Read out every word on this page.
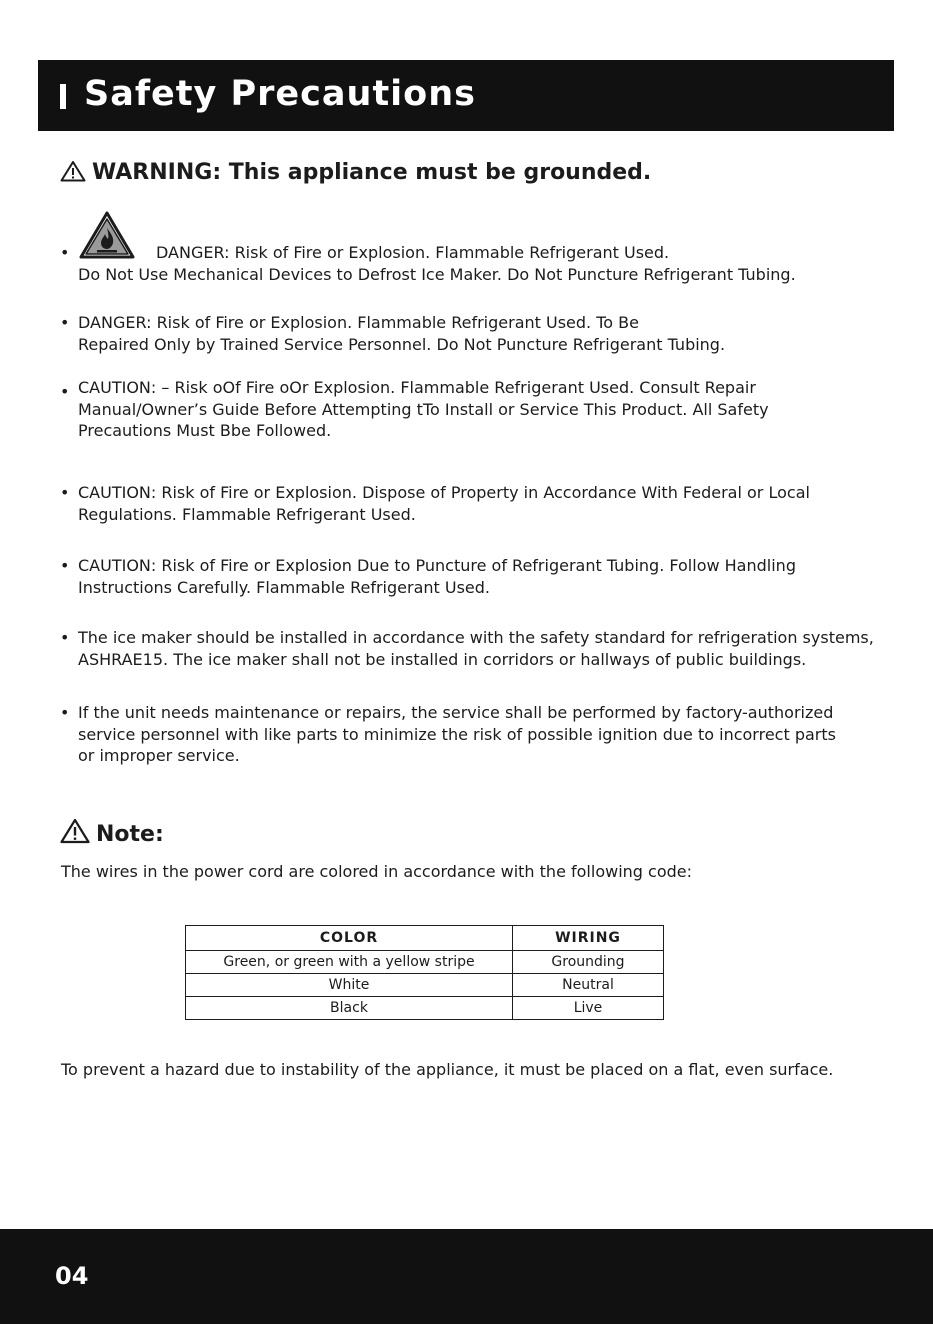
Safety Precautions
WARNING: This appliance must be grounded.
•	DANGER: Risk of Fire or Explosion. Flammable Refrigerant Used.
Do Not Use Mechanical Devices to Defrost Ice Maker. Do Not Puncture Refrigerant Tubing.
• DANGER: Risk of Fire or Explosion. Flammable Refrigerant Used. To Be
Repaired Only by Trained Service Personnel. Do Not Puncture Refrigerant Tubing.
• CAUTION: – Risk oOf Fire oOr Explosion. Flammable Refrigerant Used. Consult Repair
Manual/Owner’s Guide Before Attempting tTo Install or Service This Product. All Safety
Precautions Must Bbe Followed.
• CAUTION: Risk of Fire or Explosion. Dispose of Property in Accordance With Federal or Local
Regulations. Flammable Refrigerant Used.
• CAUTION: Risk of Fire or Explosion Due to Puncture of Refrigerant Tubing. Follow Handling
Instructions Carefully. Flammable Refrigerant Used.
• The ice maker should be installed in accordance with the safety standard for refrigeration systems,
ASHRAE15. The ice maker shall not be installed in corridors or hallways of public buildings.
• If the unit needs maintenance or repairs, the service shall be performed by factory-authorized
service personnel with like parts to minimize the risk of possible ignition due to incorrect parts
or improper service.
Note:
The wires in the power cord are colored in accordance with the following code:
COLOR	WIRING
Green, or green with a yellow stripe	Grounding
White	Neutral
Black	Live
To prevent a hazard due to instability of the appliance, it must be placed on a flat, even surface.
04
